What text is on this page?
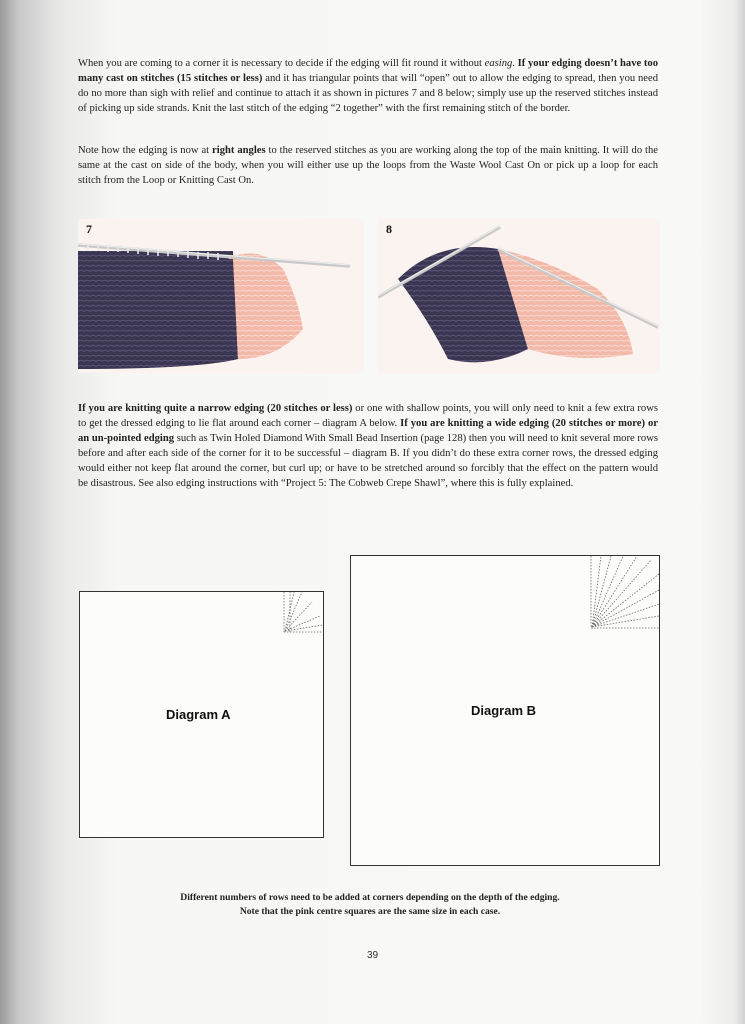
When you are coming to a corner it is necessary to decide if the edging will fit round it without easing. If your edging doesn’t have too many cast on stitches (15 stitches or less) and it has triangular points that will “open” out to allow the edging to spread, then you need do no more than sigh with relief and continue to attach it as shown in pictures 7 and 8 below; simply use up the reserved stitches instead of picking up side strands. Knit the last stitch of the edging “2 together” with the first remaining stitch of the border.

Note how the edging is now at right angles to the reserved stitches as you are working along the top of the main knitting. It will do the same at the cast on side of the body, when you will either use up the loops from the Waste Wool Cast On or pick up a loop for each stitch from the Loop or Knitting Cast On.

7	8

If you are knitting quite a narrow edging (20 stitches or less) or one with shallow points, you will only need to knit a few extra rows to get the dressed edging to lie flat around each corner – diagram A below. If you are knitting a wide edging (20 stitches or more) or an un-pointed edging such as Twin Holed Diamond With Small Bead Insertion (page 128) then you will need to knit several more rows before and after each side of the corner for it to be successful – diagram B. If you didn’t do these extra corner rows, the dressed edging would either not keep flat around the corner, but curl up; or have to be stretched around so forcibly that the effect on the pattern would be disastrous. See also edging instructions with “Project 5: The Cobweb Crepe Shawl”, where this is fully explained.

Diagram A	Diagram B
Different numbers of rows need to be added at corners depending on the depth of the edging.
Note that the pink centre squares are the same size in each case.
39
